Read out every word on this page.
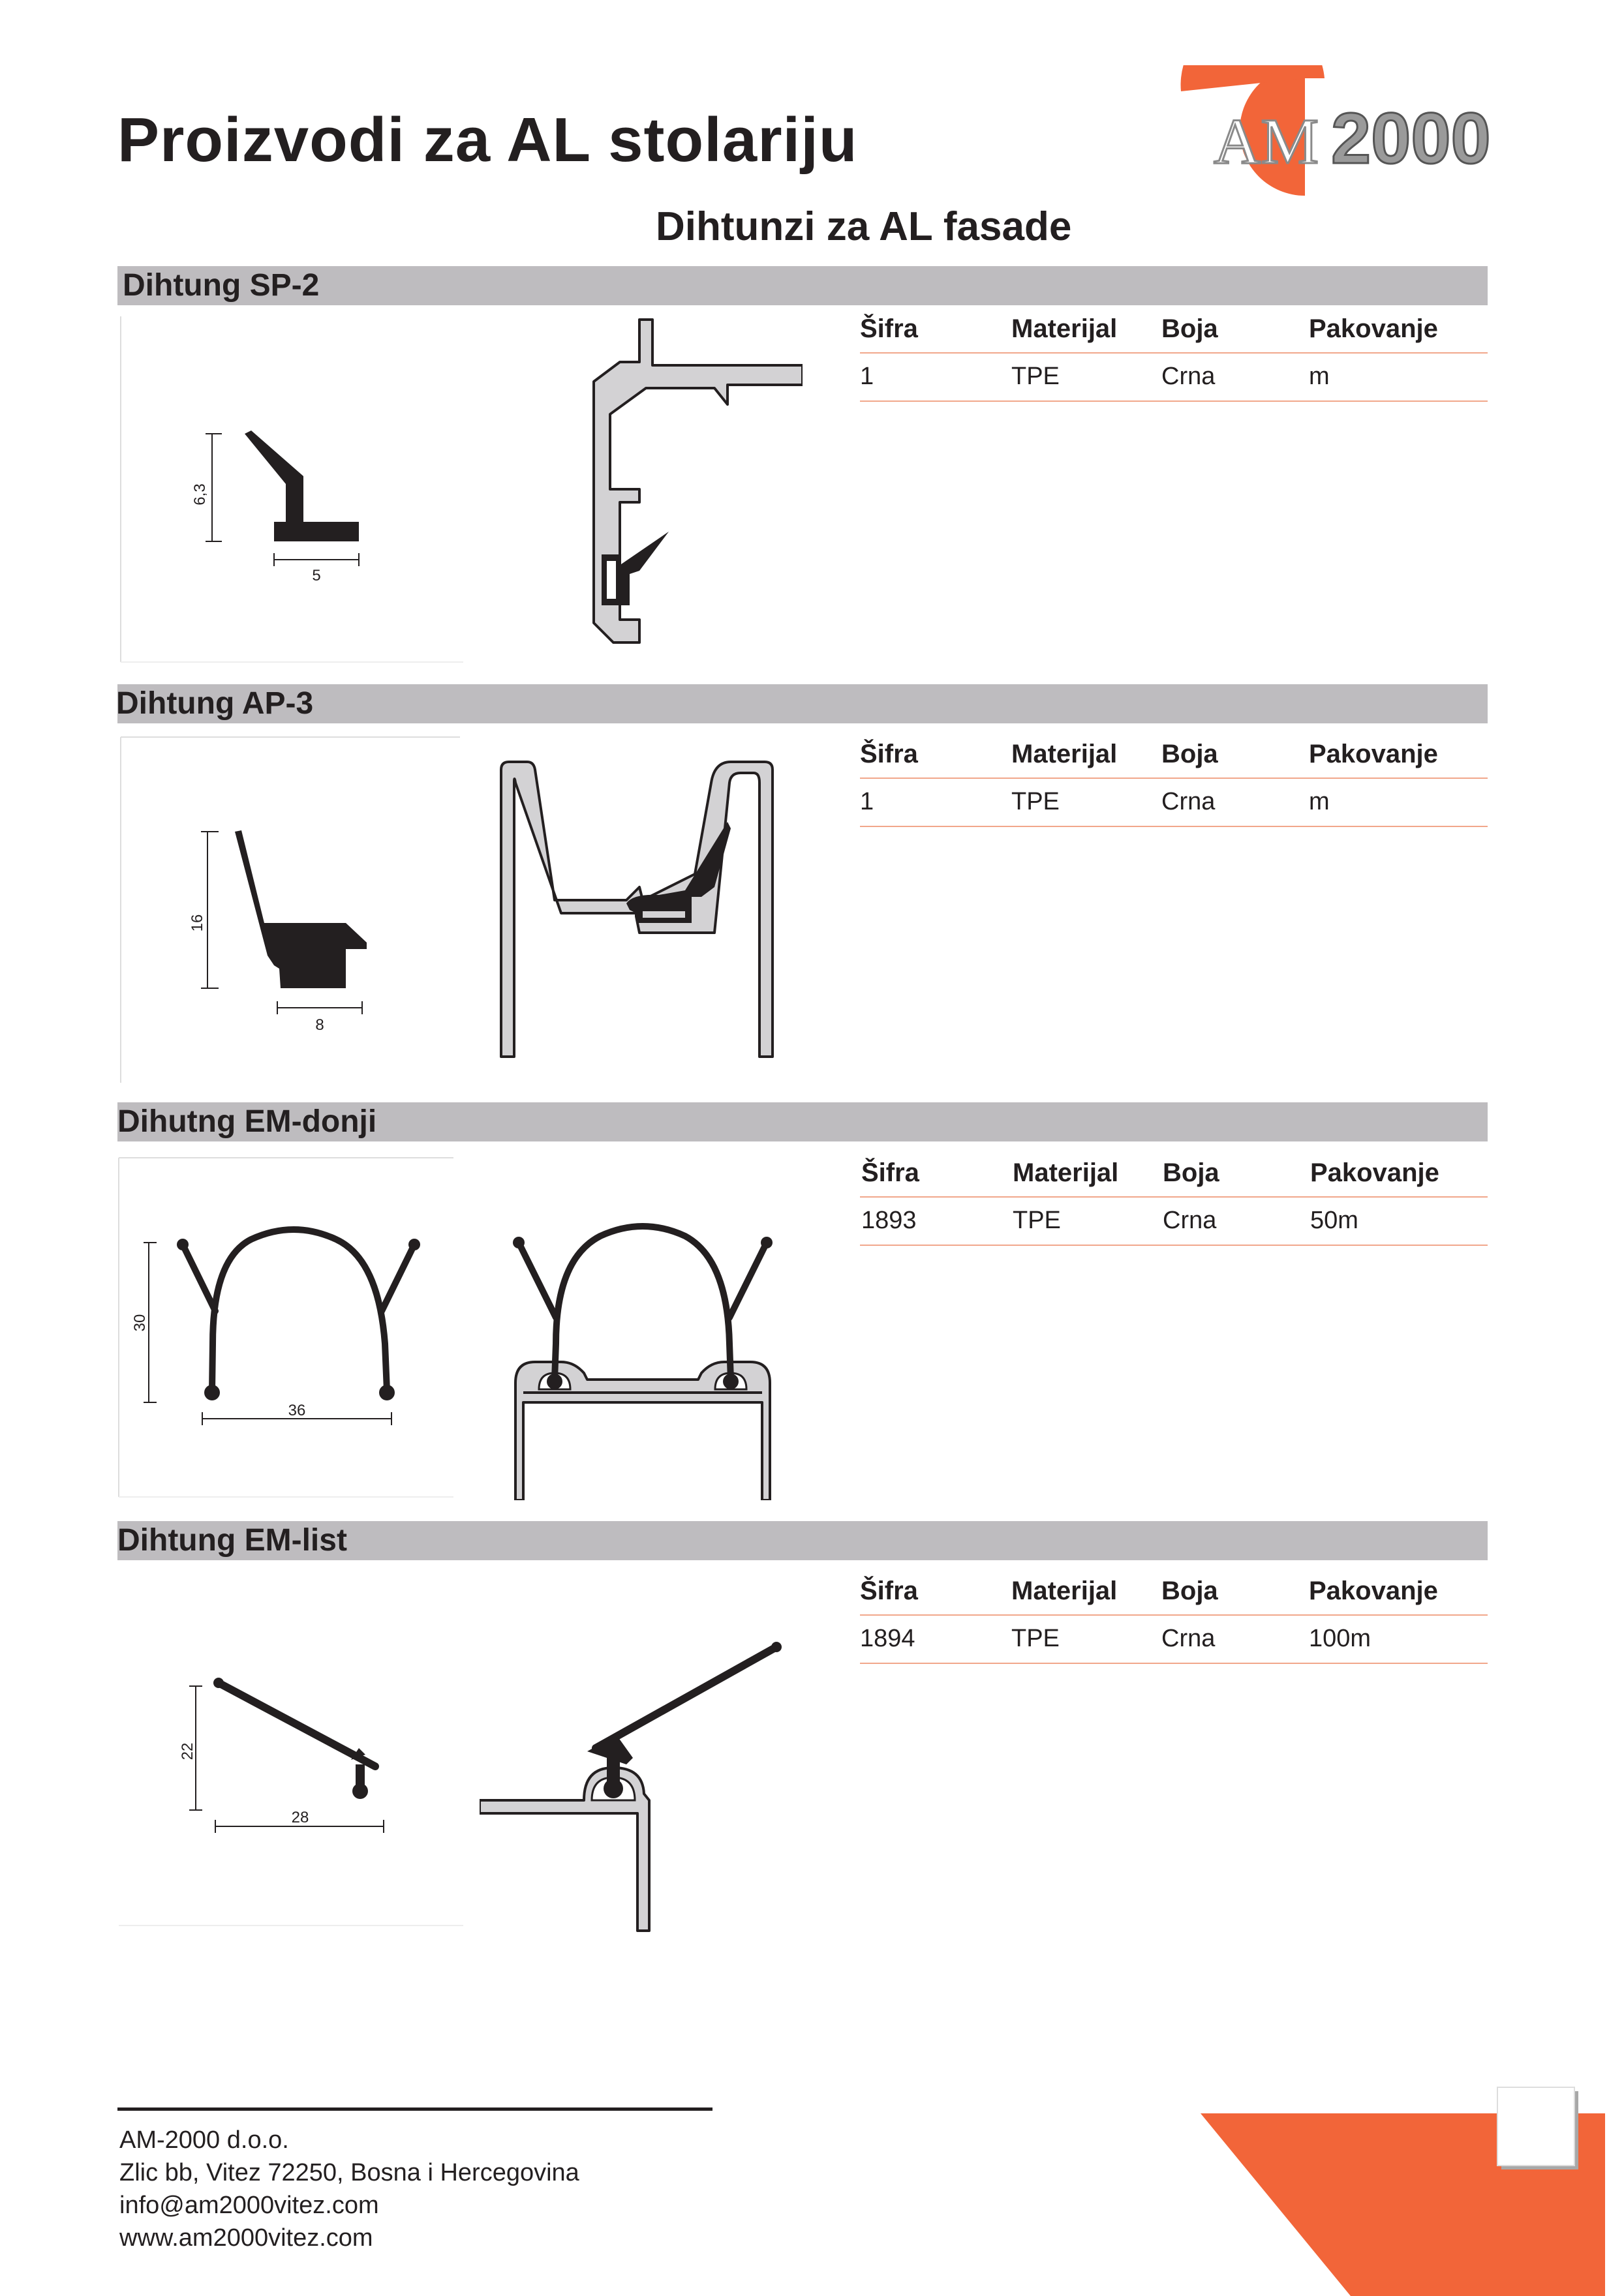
Proizvodi za AL stolariju	AM 2000
Dihtunzi za AL fasade
Dihtung SP-2
Šifra	Materijal Boja	Pakovanje
1	TPE	Crna	m
6,3
5
Dihtung AP-3
Šifra	Materijal Boja	Pakovanje
1	TPE	Crna	m
16
8
Dihutng EM-donji
Šifra	Materijal Boja	Pakovanje
1893	TPE	Crna	50m
30
36
Dihtung EM-list
Šifra	Materijal Boja	Pakovanje
1894	TPE	Crna	100m
22
28
AM-2000 d.o.o.
Zlic bb, Vitez 72250, Bosna i Hercegovina
info@am2000vitez.com
www.am2000vitez.com
